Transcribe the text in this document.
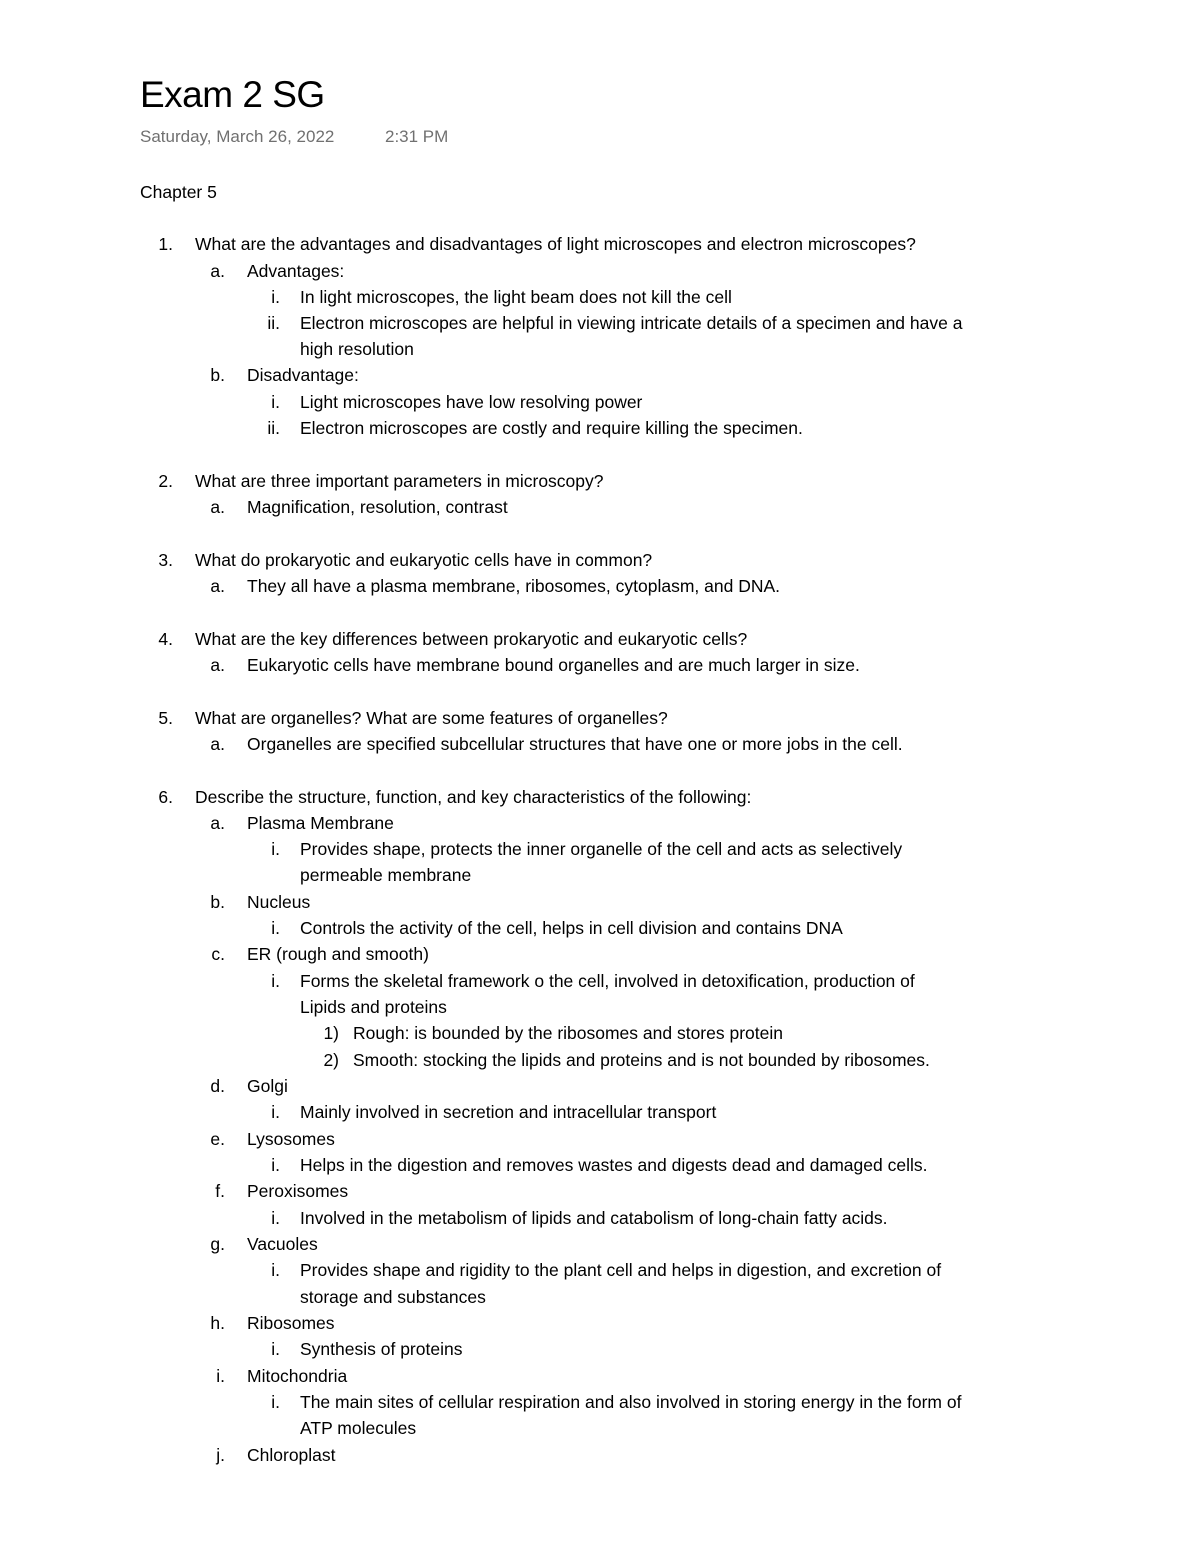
Exam 2 SG
Saturday, March 26, 2022	2:31 PM
Chapter 5
1. What are the advantages and disadvantages of light microscopes and electron microscopes?
a. Advantages:
i. In light microscopes, the light beam does not kill the cell
ii. Electron microscopes are helpful in viewing intricate details of a specimen and have a
high resolution
b. Disadvantage:
i. Light microscopes have low resolving power
ii. Electron microscopes are costly and require killing the specimen.
2. What are three important parameters in microscopy?
a. Magnification, resolution, contrast
3. What do prokaryotic and eukaryotic cells have in common?
a. They all have a plasma membrane, ribosomes, cytoplasm, and DNA.
4. What are the key differences between prokaryotic and eukaryotic cells?
a. Eukaryotic cells have membrane bound organelles and are much larger in size.
5. What are organelles? What are some features of organelles?
a. Organelles are specified subcellular structures that have one or more jobs in the cell.
6. Describe the structure, function, and key characteristics of the following:
a. Plasma Membrane
i. Provides shape, protects the inner organelle of the cell and acts as selectively
permeable membrane
b. Nucleus
i. Controls the activity of the cell, helps in cell division and contains DNA
c. ER (rough and smooth)
i. Forms the skeletal framework o the cell, involved in detoxification, production of
Lipids and proteins
1) Rough: is bounded by the ribosomes and stores protein
2) Smooth: stocking the lipids and proteins and is not bounded by ribosomes.
d. Golgi
i. Mainly involved in secretion and intracellular transport
e. Lysosomes
i. Helps in the digestion and removes wastes and digests dead and damaged cells.
f. Peroxisomes
i. Involved in the metabolism of lipids and catabolism of long-chain fatty acids.
g. Vacuoles
i. Provides shape and rigidity to the plant cell and helps in digestion, and excretion of
storage and substances
h. Ribosomes
i. Synthesis of proteins
i. Mitochondria
i. The main sites of cellular respiration and also involved in storing energy in the form of
ATP molecules
j. Chloroplast
